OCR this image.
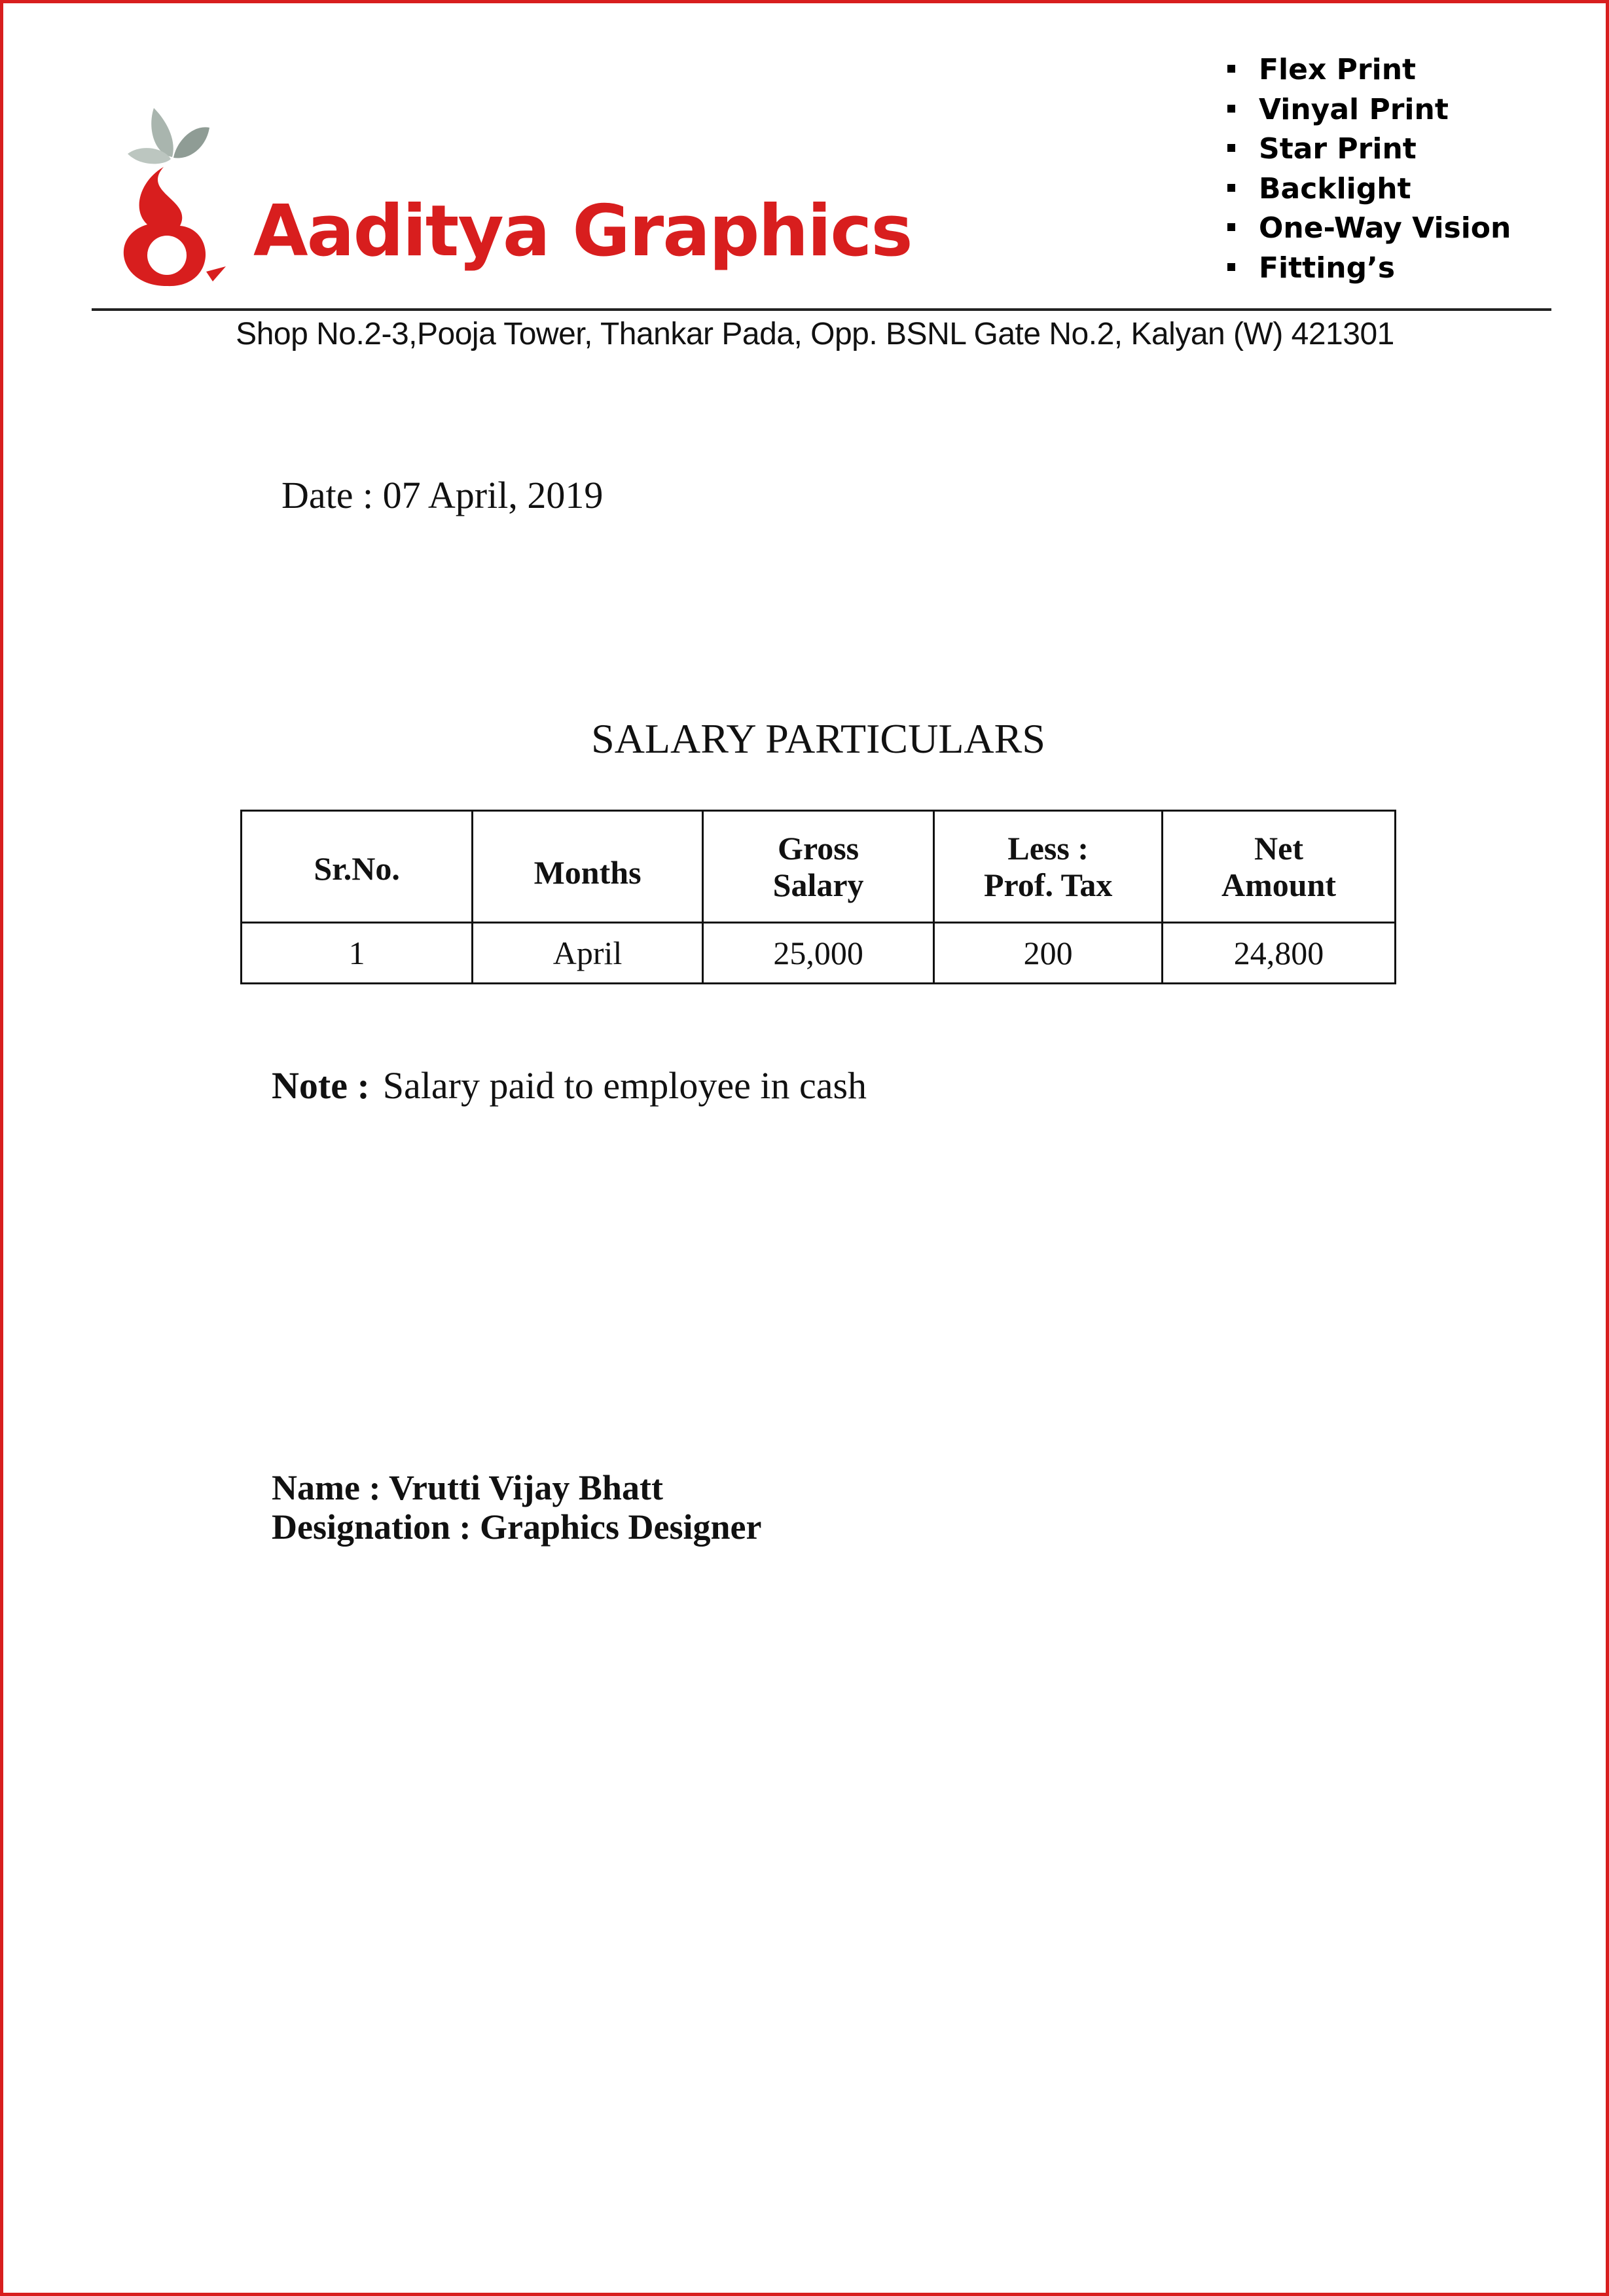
Aaditya Graphics
Flex Print
Vinyal Print
Star Print
Backlight
One-Way Vision
Fitting’s
Shop No.2-3,Pooja Tower, Thankar Pada, Opp. BSNL Gate No.2, Kalyan (W) 421301
Date : 07 April, 2019
SALARY PARTICULARS
Sr.No.	Months	Gross Salary	Less : Prof. Tax	Net Amount
1	April	25,000	200	24,800
Note : Salary paid to employee in cash
Name : Vrutti Vijay Bhatt
Designation : Graphics Designer
